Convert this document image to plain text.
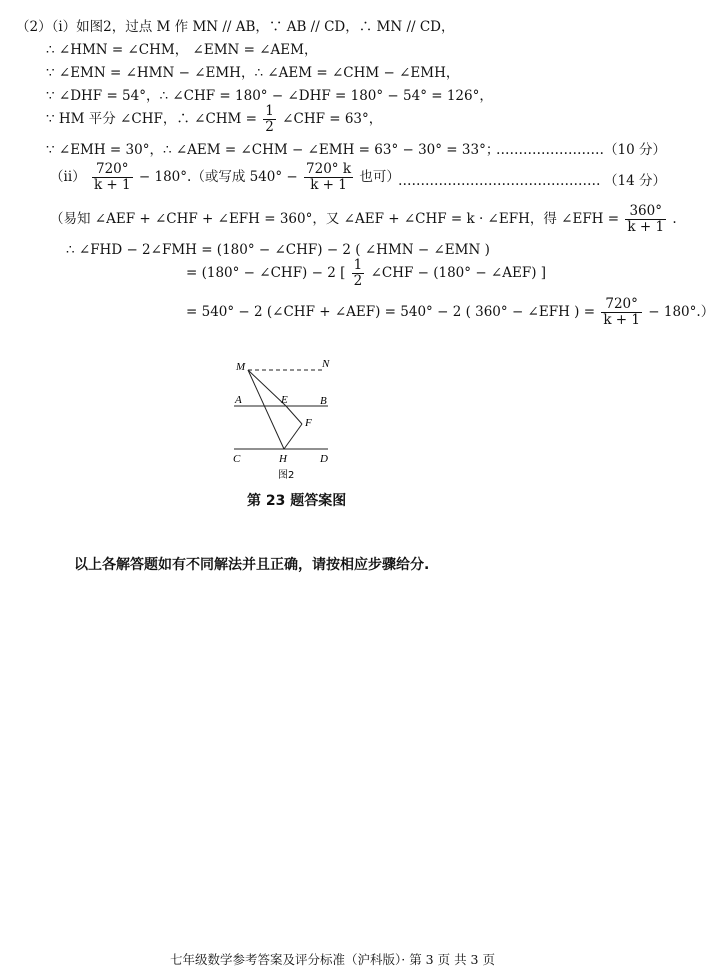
（2）（i）如图2，过点 M 作 MN // AB，∵ AB // CD，∴ MN // CD，
∴ ∠HMN = ∠CHM， ∠EMN = ∠AEM，
∵ ∠EMN = ∠HMN − ∠EMH，∴ ∠AEM = ∠CHM − ∠EMH，
∵ ∠DHF = 54°，∴ ∠CHF = 180° − ∠DHF = 180° − 54° = 126°，
∵ HM 平分 ∠CHF，∴ ∠CHM = $\frac{1}{2}$ ∠CHF = 63°，
∵ ∠EMH = 30°，∴ ∠AEM = ∠CHM − ∠EMH = 63° − 30° = 33°；
…………………… （10 分）
$(ii) \frac{720^\circ}{k + 1} - 180^\circ$.（或写成 $540^\circ - \frac{720^\circ k}{k + 1}$ 也可）
……………………………………… （14 分）
（易知 ∠AEF + ∠CHF + ∠EFH = 360°，又 ∠AEF + ∠CHF = k · ∠EFH，得 ∠EFH = $\frac{360^\circ}{k + 1}$ .
∴ ∠FHD − 2∠FMH = (180° − ∠CHF) − 2 ( ∠HMN − ∠EMN )
= (180° − ∠CHF) − 2 [ $\frac{1}{2}$ ∠CHF − (180° − ∠AEF) ]
= 540° − 2 (∠CHF + ∠AEF) = 540° − 2 ( 360° − ∠EFH ) = $\frac{720^\circ}{k + 1} - 180^\circ$.）
M	N
A	E	B
F
C	H	D
图2
第 23 题答案图
以上各解答题如有不同解法并且正确，请按相应步骤给分.
七年级数学参考答案及评分标准（沪科版）· 第 3 页 共 3 页
